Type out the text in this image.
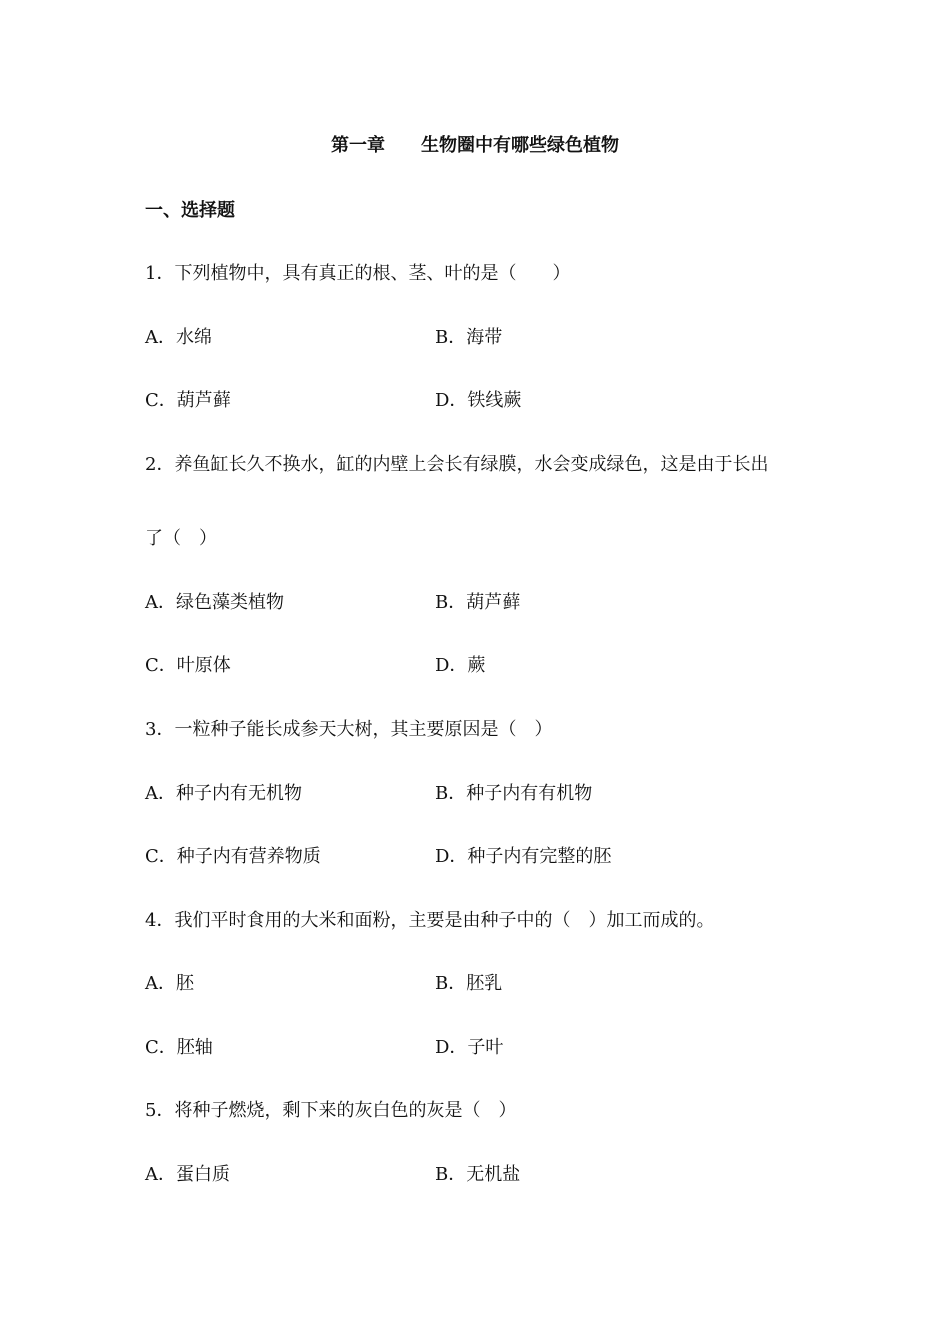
第一章　　生物圈中有哪些绿色植物
一、选择题
1．下列植物中，具有真正的根、茎、叶的是（　　）
A．水绵	B．海带
C．葫芦藓	D．铁线蕨
2．养鱼缸长久不换水，缸的内壁上会长有绿膜，水会变成绿色，这是由于长出
了（　）
A．绿色藻类植物	B．葫芦藓
C．叶原体	D．蕨
3．一粒种子能长成参天大树，其主要原因是（　）
A．种子内有无机物	B．种子内有有机物
C．种子内有营养物质	D．种子内有完整的胚
4．我们平时食用的大米和面粉，主要是由种子中的（　）加工而成的。
A．胚	B．胚乳
C．胚轴	D．子叶
5．将种子燃烧，剩下来的灰白色的灰是（　）
A．蛋白质	B．无机盐
